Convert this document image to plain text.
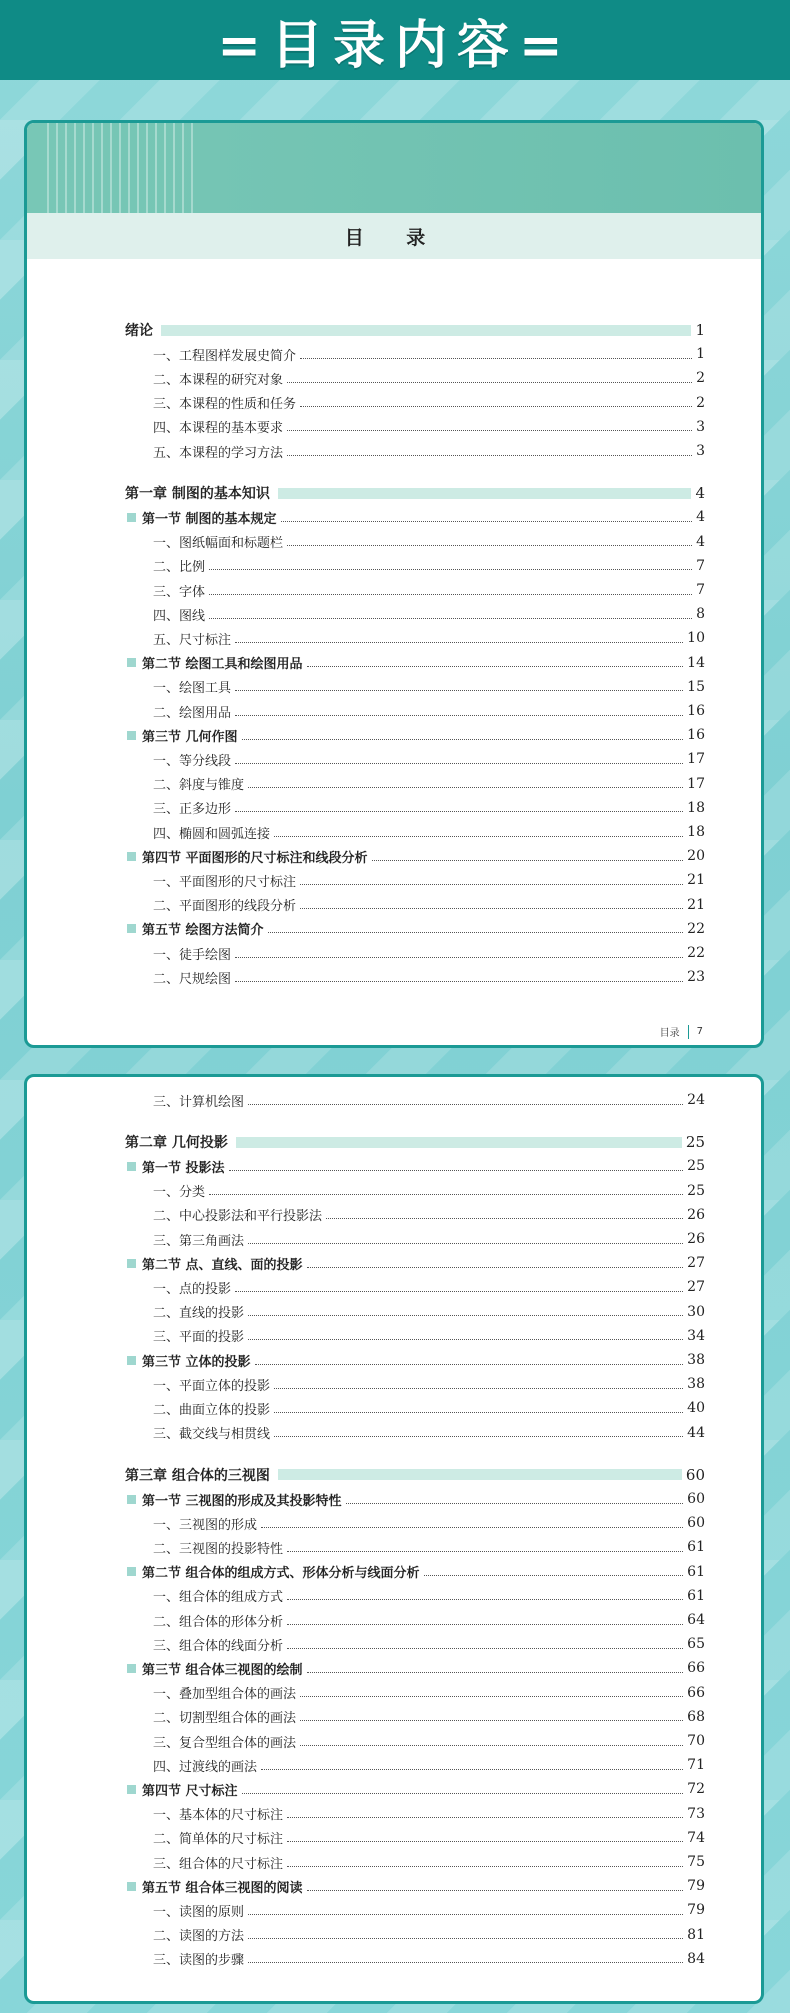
=目录内容=
目 录
绪论	1
一、工程图样发展史简介	1
二、本课程的研究对象	2
三、本课程的性质和任务	2
四、本课程的基本要求	3
五、本课程的学习方法	3
第一章 制图的基本知识	4
第一节 制图的基本规定	4
一、图纸幅面和标题栏	4
二、比例	7
三、字体	7
四、图线	8
五、尺寸标注	10
第二节 绘图工具和绘图用品	14
一、绘图工具	15
二、绘图用品	16
第三节 几何作图	16
一、等分线段	17
二、斜度与锥度	17
三、正多边形	18
四、椭圆和圆弧连接	18
第四节 平面图形的尺寸标注和线段分析	20
一、平面图形的尺寸标注	21
二、平面图形的线段分析	21
第五节 绘图方法简介	22
一、徒手绘图	22
二、尺规绘图	23
目录 7
三、计算机绘图	24
第二章 几何投影	25
第一节 投影法	25
一、分类	25
二、中心投影法和平行投影法	26
三、第三角画法	26
第二节 点、直线、面的投影	27
一、点的投影	27
二、直线的投影	30
三、平面的投影	34
第三节 立体的投影	38
一、平面立体的投影	38
二、曲面立体的投影	40
三、截交线与相贯线	44
第三章 组合体的三视图	60
第一节 三视图的形成及其投影特性	60
一、三视图的形成	60
二、三视图的投影特性	61
第二节 组合体的组成方式、形体分析与线面分析	61
一、组合体的组成方式	61
二、组合体的形体分析	64
三、组合体的线面分析	65
第三节 组合体三视图的绘制	66
一、叠加型组合体的画法	66
二、切割型组合体的画法	68
三、复合型组合体的画法	70
四、过渡线的画法	71
第四节 尺寸标注	72
一、基本体的尺寸标注	73
二、简单体的尺寸标注	74
三、组合体的尺寸标注	75
第五节 组合体三视图的阅读	79
一、读图的原则	79
二、读图的方法	81
三、读图的步骤	84
